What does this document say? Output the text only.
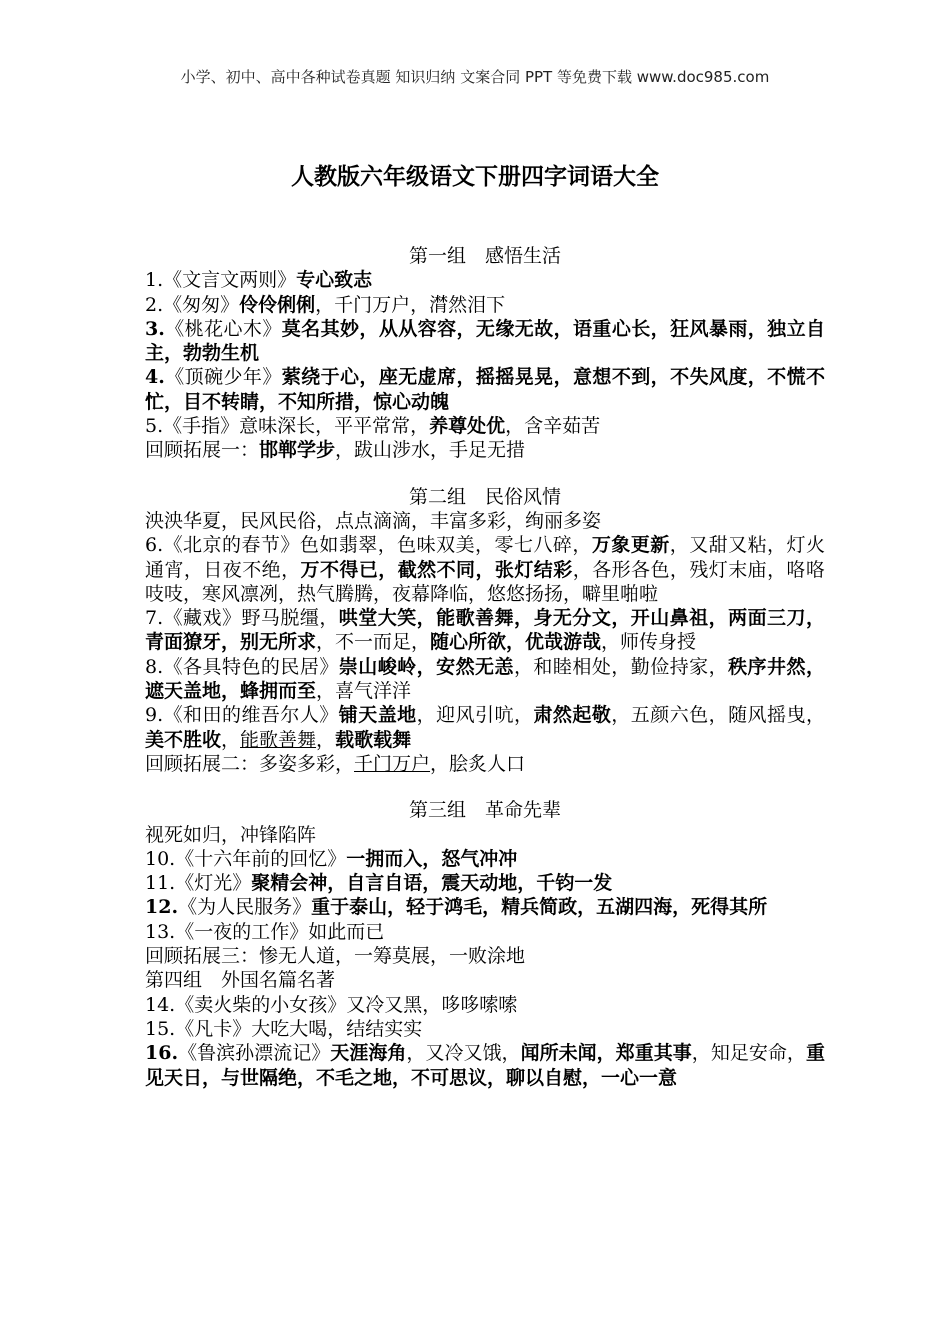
小学、初中、高中各种试卷真题 知识归纳 文案合同 PPT 等免费下载 www.doc985.com
人教版六年级语文下册四字词语大全
第一组　感悟生活
1.《文言文两则》专心致志
2.《匆匆》伶伶俐俐，千门万户，潸然泪下
3.《桃花心木》莫名其妙，从从容容，无缘无故，语重心长，狂风暴雨，独立自主，勃勃生机
4.《顶碗少年》萦绕于心，座无虚席，摇摇晃晃，意想不到，不失风度，不慌不忙，目不转睛，不知所措，惊心动魄
5.《手指》意味深长，平平常常，养尊处优，含辛茹苦
回顾拓展一：邯郸学步，跋山涉水，手足无措
第二组　民俗风情
泱泱华夏，民风民俗，点点滴滴，丰富多彩，绚丽多姿
6.《北京的春节》色如翡翠，色味双美，零七八碎，万象更新，又甜又粘，灯火通宵，日夜不绝，万不得已，截然不同，张灯结彩，各形各色，残灯末庙，咯咯吱吱，寒风凛冽，热气腾腾，夜幕降临，悠悠扬扬，噼里啪啦
7.《藏戏》野马脱缰，哄堂大笑，能歌善舞，身无分文，开山鼻祖，两面三刀，青面獠牙，别无所求，不一而足，随心所欲，优哉游哉，师传身授
8.《各具特色的民居》崇山峻岭，安然无恙，和睦相处，勤俭持家，秩序井然，遮天盖地，蜂拥而至，喜气洋洋
9.《和田的维吾尔人》铺天盖地，迎风引吭，肃然起敬，五颜六色，随风摇曳，美不胜收，能歌善舞，载歌载舞
回顾拓展二：多姿多彩，千门万户，脍炙人口
第三组　革命先辈
视死如归，冲锋陷阵
10.《十六年前的回忆》一拥而入，怒气冲冲
11.《灯光》聚精会神，自言自语，震天动地，千钧一发
12.《为人民服务》重于泰山，轻于鸿毛，精兵简政，五湖四海，死得其所
13.《一夜的工作》如此而已
回顾拓展三：惨无人道，一筹莫展，一败涂地
第四组　外国名篇名著
14.《卖火柴的小女孩》又冷又黑，哆哆嗦嗦
15.《凡卡》大吃大喝，结结实实
16.《鲁滨孙漂流记》天涯海角，又冷又饿，闻所未闻，郑重其事，知足安命，重见天日，与世隔绝，不毛之地，不可思议，聊以自慰，一心一意
